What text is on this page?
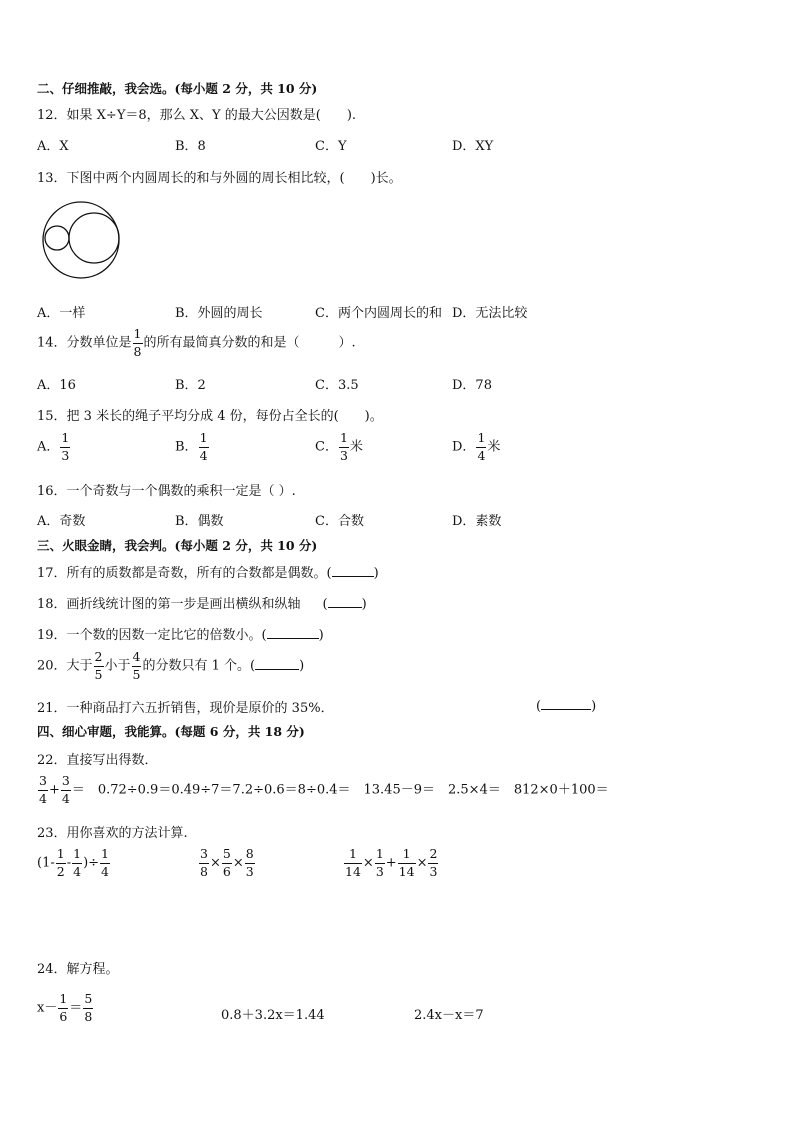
二、仔细推敲，我会选。(每小题 2 分，共 10 分)
12．如果 X÷Y＝8，那么 X、Y 的最大公因数是(　　).
A．X	B．8	C．Y	D．XY
13．下图中两个内圆周长的和与外圆的周长相比较，(　　)长。
A．一样	B．外圆的周长	C．两个内圆周长的和 D．无法比较
14．分数单位是 $\frac{1}{8}$ 的所有最简真分数的和是（　　　）.
A．16	B．2	C．3.5	D．78
15．把 3 米长的绳子平均分成 4 份，每份占全长的(　　)。
A． $\frac{1}{3}$	B． $\frac{1}{4}$	C． $\frac{1}{3}$ 米	D． $\frac{1}{4}$ 米
16．一个奇数与一个偶数的乘积一定是（ ）.
A．奇数	B．偶数	C．合数	D．素数
三、火眼金睛，我会判。(每小题 2 分，共 10 分)
17．所有的质数都是奇数，所有的合数都是偶数。(	)
18．画折线统计图的第一步是画出横纵和纵轴 (	)
19．一个数的因数一定比它的倍数小。(	)
20．大于 $\frac{2}{5}$ 小于 $\frac{4}{5}$ 的分数只有 1 个。(	)
21．一种商品打六五折销售，现价是原价的 35%．	(	)
四、细心审题，我能算。(每题 6 分，共 18 分)
22．直接写出得数．
$\frac{3}{4} + \frac{3}{4}$ ＝　0.72÷0.9＝0.49÷7＝7.2÷0.6＝8÷0.4＝　13.45－9＝　2.5×4＝　812×0＋100＝
23．用你喜欢的方法计算.
($1- \frac{1}{2} - \frac{1}{4}$ )÷ $\frac{1}{4}$	$\frac{3}{8} \times \frac{5}{6} \times \frac{8}{3}$	$\frac{1}{14} \times \frac{1}{3} + \frac{1}{14} \times \frac{2}{3}$
24．解方程。
$x- \frac{1}{6} = \frac{5}{8}$	0.8＋3.2x＝1.44	2.4x－x＝7
